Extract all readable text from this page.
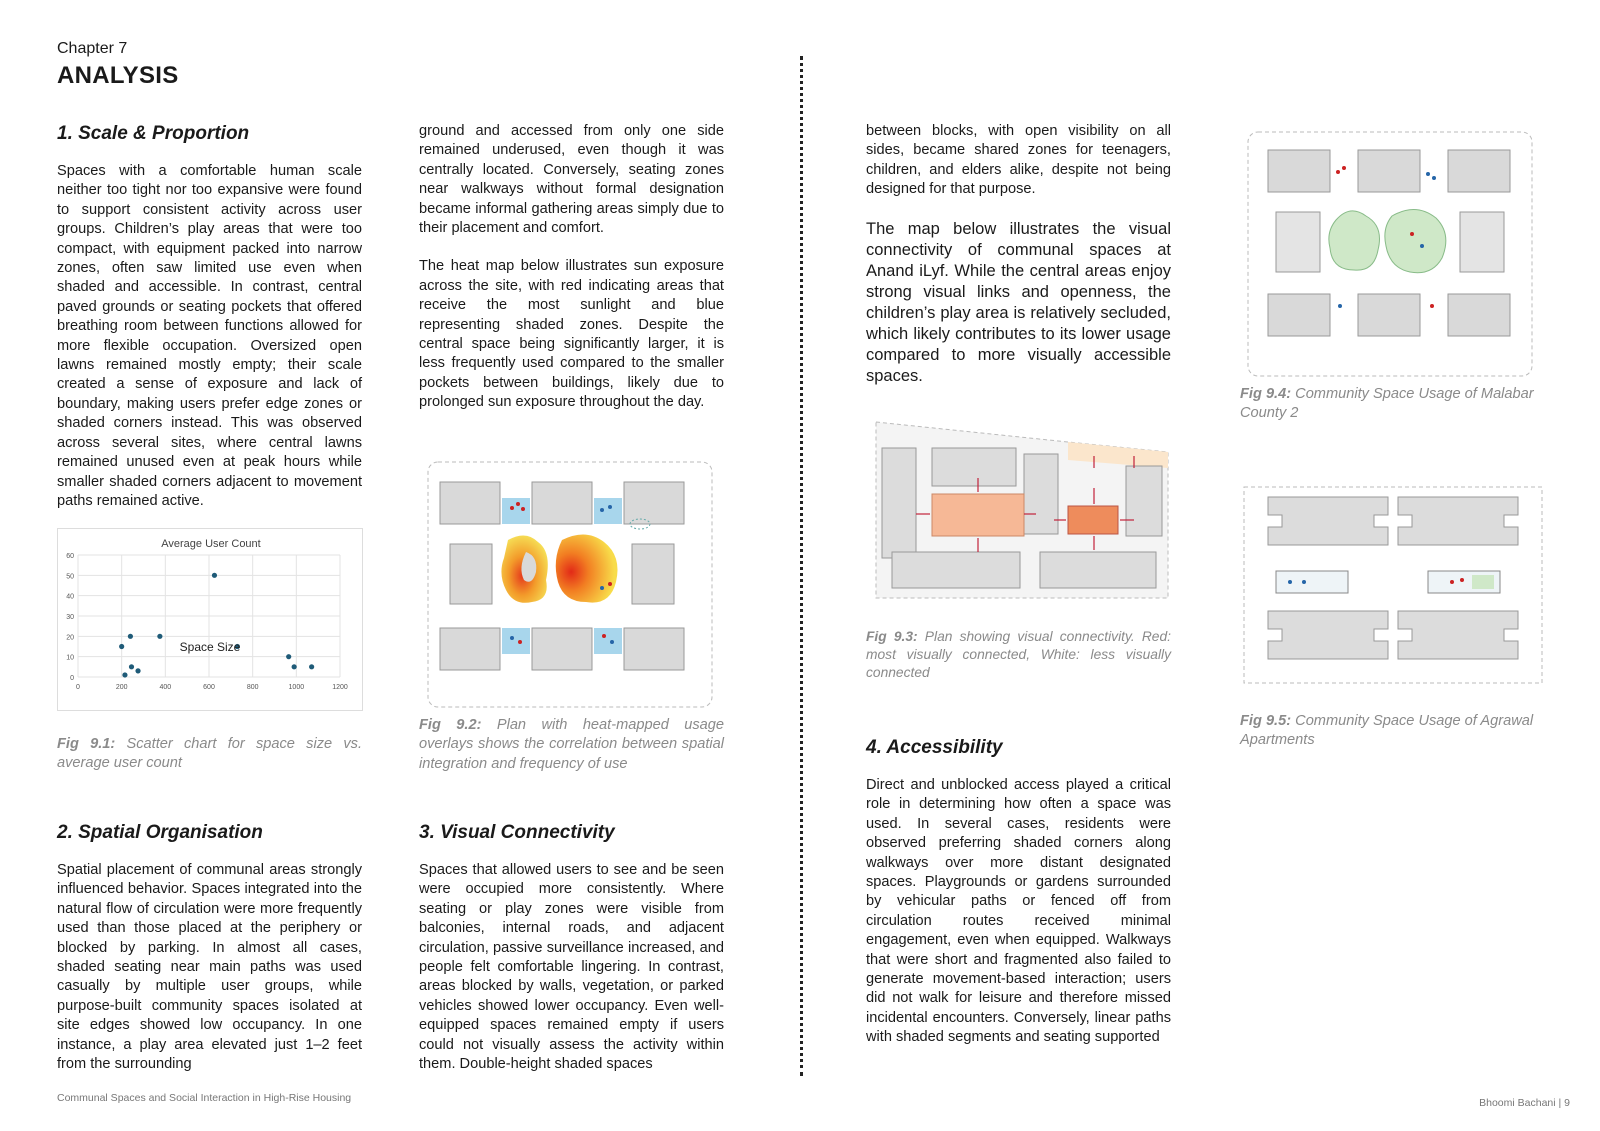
Chapter 7
ANALYSIS
1. Scale & Proportion
Spaces with a comfortable human scale neither too tight nor too expansive were found to support consistent activity across user groups. Children’s play areas that were too compact, with equipment packed into narrow zones, often saw limited use even when shaded and accessible. In contrast, central paved grounds or seating pockets that offered breathing room between functions allowed for more flexible occupation. Oversized open lawns remained mostly empty; their scale created a sense of exposure and lack of boundary, making users prefer edge zones or shaded corners instead. This was observed across several sites, where central lawns remained unused even at peak hours while smaller shaded corners adjacent to movement paths remained active.
Average User Count
0
10
20
30
40
50
60
0	200	400	600	800	1000	1200
Space Size
Fig 9.1: Scatter chart for space size vs. average user count
2. Spatial Organisation
Spatial placement of communal areas strongly influenced behavior. Spaces integrated into the natural flow of circulation were more frequently used than those placed at the periphery or blocked by parking. In almost all cases, shaded seating near main paths was used casually by multiple user groups, while purpose-built community spaces isolated at site edges showed low occupancy. In one instance, a play area elevated just 1–2 feet from the surrounding
ground and accessed from only one side remained underused, even though it was centrally located. Conversely, seating zones near walkways without formal designation became informal gathering areas simply due to their placement and comfort.
The heat map below illustrates sun exposure across the site, with red indicating areas that receive the most sunlight and blue representing shaded zones. Despite the central space being significantly larger, it is less frequently used compared to the smaller pockets between buildings, likely due to prolonged sun exposure throughout the day.
Fig 9.2: Plan with heat-mapped usage overlays shows the correlation between spatial integration and frequency of use
3. Visual Connectivity
Spaces that allowed users to see and be seen were occupied more consistently. Where seating or play zones were visible from balconies, internal roads, and adjacent circulation, passive surveillance increased, and people felt comfortable lingering. In contrast, areas blocked by walls, vegetation, or parked vehicles showed lower occupancy. Even well-equipped spaces remained empty if users could not visually assess the activity within them. Double-height shaded spaces
between blocks, with open visibility on all sides, became shared zones for teenagers, children, and elders alike, despite not being designed for that purpose.
The map below illustrates the visual connectivity of communal spaces at Anand iLyf. While the central areas enjoy strong visual links and openness, the children’s play area is relatively secluded, which likely contributes to its lower usage compared to more visually accessible spaces.
Fig 9.3: Plan showing visual connectivity. Red: most visually connected, White: less visually connected
4. Accessibility
Direct and unblocked access played a critical role in determining how often a space was used. In several cases, residents were observed preferring shaded corners along walkways over more distant designated spaces. Playgrounds or gardens surrounded by vehicular paths or fenced off from circulation routes received minimal engagement, even when equipped. Walkways that were short and fragmented also failed to generate movement-based interaction; users did not walk for leisure and therefore missed incidental encounters. Conversely, linear paths with shaded segments and seating supported
Fig 9.4: Community Space Usage of Malabar County 2
Fig 9.5: Community Space Usage of Agrawal Apartments
Communal Spaces and Social Interaction in High-Rise Housing	Bhoomi Bachani | 9
